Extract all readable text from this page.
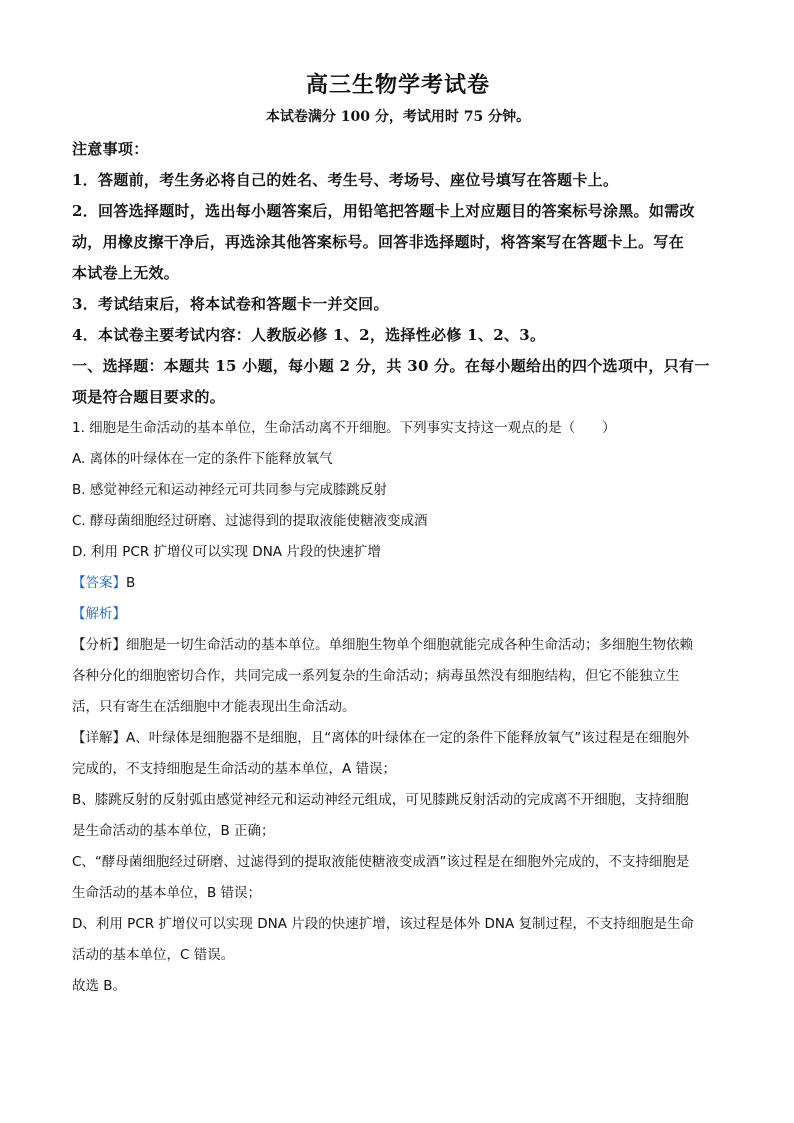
高三生物学考试卷
本试卷满分 100 分，考试用时 75 分钟。

注意事项：

1．答题前，考生务必将自己的姓名、考生号、考场号、座位号填写在答题卡上。

2．回答选择题时，选出每小题答案后，用铅笔把答题卡上对应题目的答案标号涂黑。如需改

动，用橡皮擦干净后，再选涂其他答案标号。回答非选择题时，将答案写在答题卡上。写在

本试卷上无效。

3．考试结束后，将本试卷和答题卡一并交回。

4．本试卷主要考试内容：人教版必修 1、2，选择性必修 1、2、3。

一、选择题：本题共 15 小题，每小题 2 分，共 30 分。在每小题给出的四个选项中，只有一

项是符合题目要求的。

1. 细胞是生命活动的基本单位，生命活动离不开细胞。下列事实支持这一观点的是（　　）

A. 离体的叶绿体在一定的条件下能释放氧气

B. 感觉神经元和运动神经元可共同参与完成膝跳反射

C. 酵母菌细胞经过研磨、过滤得到的提取液能使糖液变成酒

D. 利用 PCR 扩增仪可以实现 DNA 片段的快速扩增

【答案】B

【解析】

【分析】细胞是一切生命活动的基本单位。单细胞生物单个细胞就能完成各种生命活动；多细胞生物依赖

各种分化的细胞密切合作，共同完成一系列复杂的生命活动；病毒虽然没有细胞结构，但它不能独立生

活，只有寄生在活细胞中才能表现出生命活动。

【详解】A、叶绿体是细胞器不是细胞，且“离体的叶绿体在一定的条件下能释放氧气”该过程是在细胞外

完成的，不支持细胞是生命活动的基本单位，A 错误；

B、膝跳反射的反射弧由感觉神经元和运动神经元组成，可见膝跳反射活动的完成离不开细胞，支持细胞

是生命活动的基本单位，B 正确；

C、“酵母菌细胞经过研磨、过滤得到的提取液能使糖液变成酒”该过程是在细胞外完成的，不支持细胞是

生命活动的基本单位，B 错误；

D、利用 PCR 扩增仪可以实现 DNA 片段的快速扩增，该过程是体外 DNA 复制过程，不支持细胞是生命

活动的基本单位，C 错误。

故选 B。
